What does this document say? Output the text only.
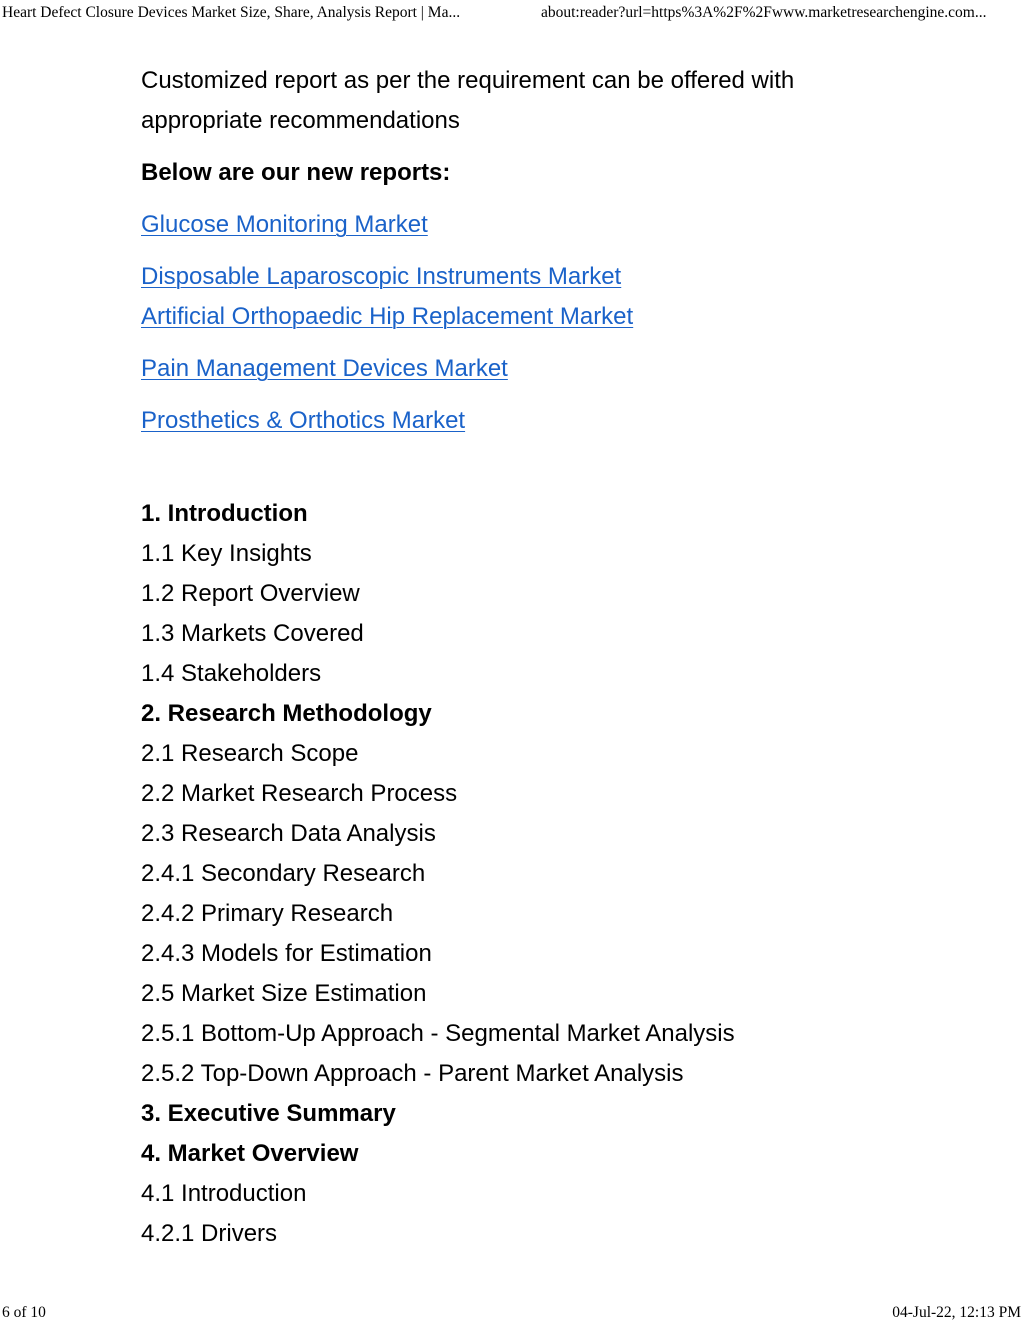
Heart Defect Closure Devices Market Size, Share, Analysis Report | Ma...	about:reader?url=https%3A%2F%2Fwww.marketresearchengine.com...

Customized report as per the requirement can be offered with appropriate recommendations

Below are our new reports:

Glucose Monitoring Market
Disposable Laparoscopic Instruments Market
Artificial Orthopaedic Hip Replacement Market
Pain Management Devices Market
Prosthetics & Orthotics Market
1. Introduction
1.1 Key Insights
1.2 Report Overview
1.3 Markets Covered
1.4 Stakeholders
2. Research Methodology
2.1 Research Scope
2.2 Market Research Process
2.3 Research Data Analysis
2.4.1 Secondary Research
2.4.2 Primary Research
2.4.3 Models for Estimation
2.5 Market Size Estimation
2.5.1 Bottom-Up Approach - Segmental Market Analysis
2.5.2 Top-Down Approach - Parent Market Analysis
3. Executive Summary
4. Market Overview
4.1 Introduction
4.2.1 Drivers
6 of 10	04-Jul-22, 12:13 PM
